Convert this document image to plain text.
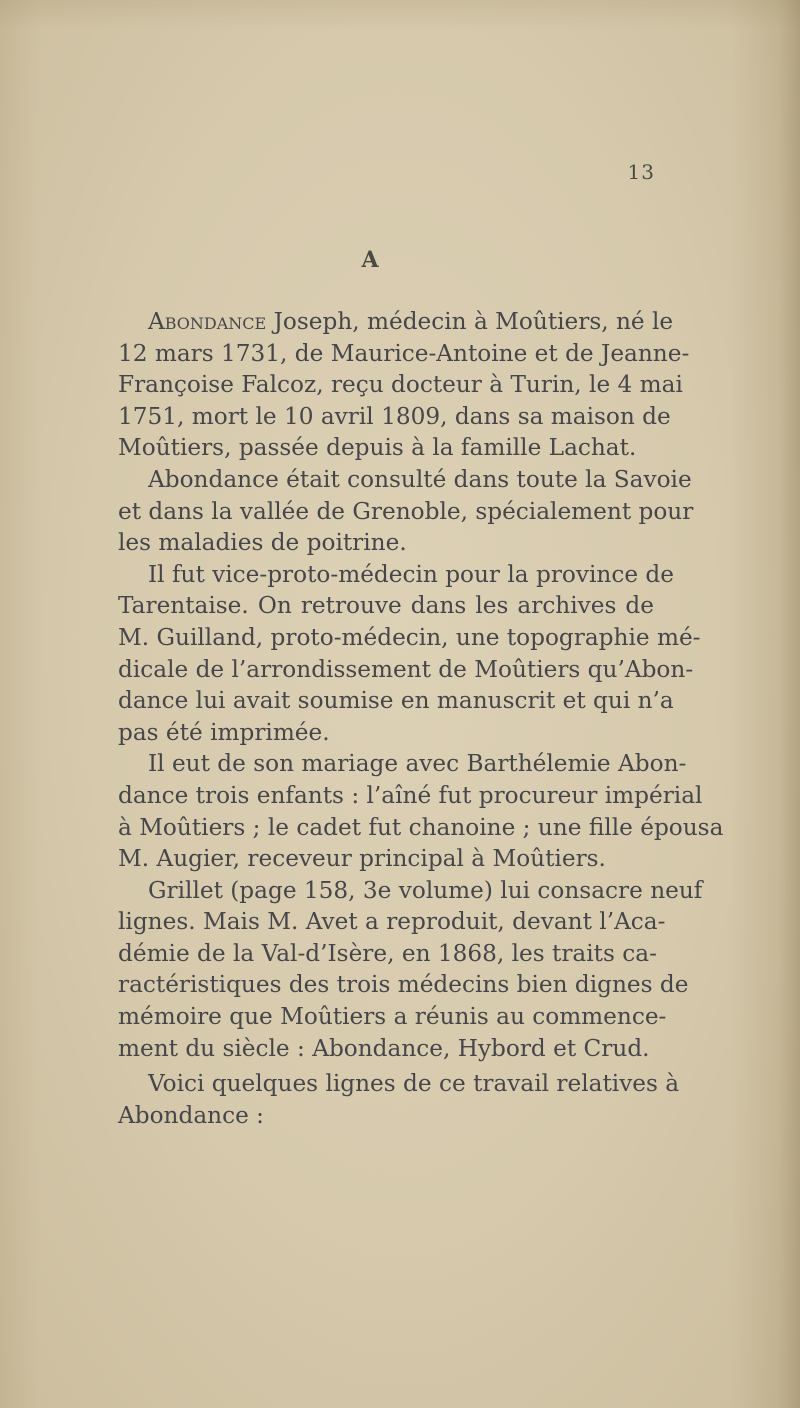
13
A
Abondance Joseph, médecin à Moûtiers, né le
12 mars 1731, de Maurice-Antoine et de Jeanne-
Françoise Falcoz, reçu docteur à Turin, le 4 mai
1751, mort le 10 avril 1809, dans sa maison de
Moûtiers, passée depuis à la famille Lachat.
Abondance était consulté dans toute la Savoie
et dans la vallée de Grenoble, spécialement pour
les maladies de poitrine.
Il fut vice-proto-médecin pour la province de
Tarentaise. On retrouve dans les archives de
M. Guilland, proto-médecin, une topographie mé-
dicale de l’arrondissement de Moûtiers qu’Abon-
dance lui avait soumise en manuscrit et qui n’a
pas été imprimée.
Il eut de son mariage avec Barthélemie Abon-
dance trois enfants : l’aîné fut procureur impérial
à Moûtiers ; le cadet fut chanoine ; une fille épousa
M. Augier, receveur principal à Moûtiers.
Grillet (page 158, 3e volume) lui consacre neuf
lignes. Mais M. Avet a reproduit, devant l’Aca-
démie de la Val-d’Isère, en 1868, les traits ca-
ractéristiques des trois médecins bien dignes de
mémoire que Moûtiers a réunis au commence-
ment du siècle : Abondance, Hybord et Crud.
Voici quelques lignes de ce travail relatives à
Abondance :
